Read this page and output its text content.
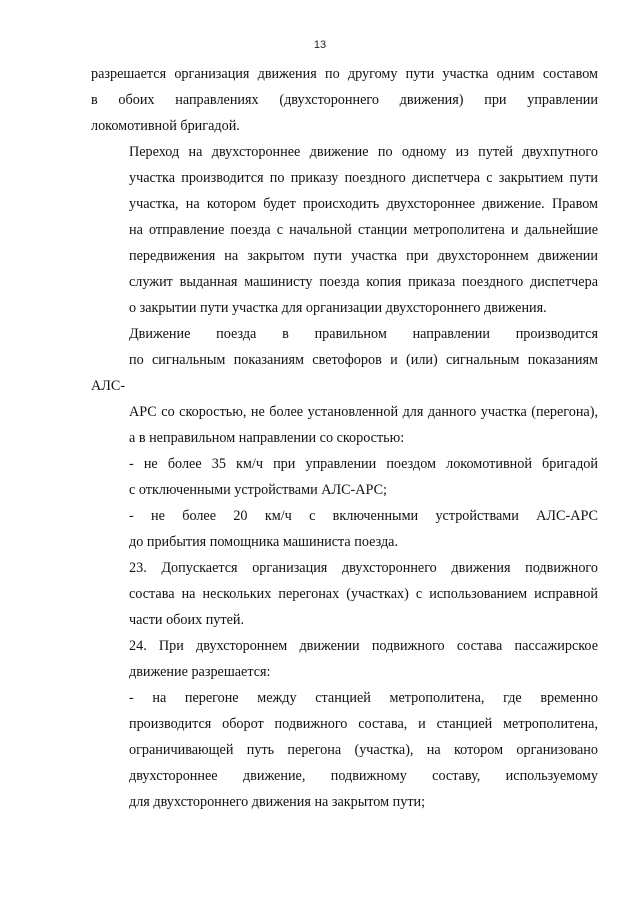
13

разрешается организация движения по другому пути участка одним составом
в обоих направлениях (двухстороннего движения) при управлении
локомотивной бригадой.

Переход на двухстороннее движение по одному из путей двухпутного
участка производится по приказу поездного диспетчера с закрытием пути
участка, на котором будет происходить двухстороннее движение. Правом
на отправление поезда с начальной станции метрополитена и дальнейшие
передвижения на закрытом пути участка при двухстороннем движении
служит выданная машинисту поезда копия приказа поездного диспетчера
о закрытии пути участка для организации двухстороннего движения.

Движение поезда в правильном направлении производится
по сигнальным показаниям светофоров и (или) сигнальным показаниям АЛС-
АРС со скоростью, не более установленной для данного участка (перегона),
а в неправильном направлении со скоростью:

- не более 35 км/ч при управлении поездом локомотивной бригадой
с отключенными устройствами АЛС-АРС;

- не более 20 км/ч с включенными устройствами АЛС-АРС
до прибытия помощника машиниста поезда.

23. Допускается организация двухстороннего движения подвижного
состава на нескольких перегонах (участках) с использованием исправной
части обоих путей.

24. При двухстороннем движении подвижного состава пассажирское
движение разрешается:

- на перегоне между станцией метрополитена, где временно
производится оборот подвижного состава, и станцией метрополитена,
ограничивающей путь перегона (участка), на котором организовано
двухстороннее движение, подвижному составу, используемому
для двухстороннего движения на закрытом пути;
